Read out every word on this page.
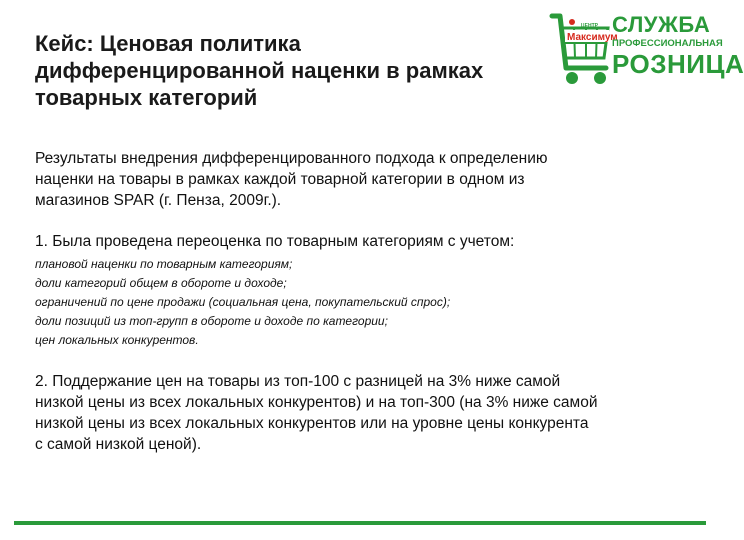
Кейс: Ценовая политика
дифференцированной наценки в рамках
товарных категорий
Максимум
ЦЕНТР СЛУЖБА
ПРОФЕССИОНАЛЬНАЯ
РОЗНИЦА

Результаты внедрения дифференцированного подхода к определению
наценки на товары в рамках каждой товарной категории в одном из
магазинов SPAR (г. Пенза, 2009г.).

1. Была проведена переоценка по товарным категориям с учетом:

плановой наценки по товарным категориям;
доли категорий общем в обороте и доходе;
ограничений по цене продажи (социальная цена, покупательский спрос);
доли позиций из топ-групп в обороте и доходе по категории;
цен локальных конкурентов.

2. Поддержание цен на товары из топ-100 с разницей на 3% ниже самой
низкой цены из всех локальных конкурентов) и на топ-300 (на 3% ниже самой
низкой цены из всех локальных конкурентов или на уровне цены конкурента
с самой низкой ценой).
